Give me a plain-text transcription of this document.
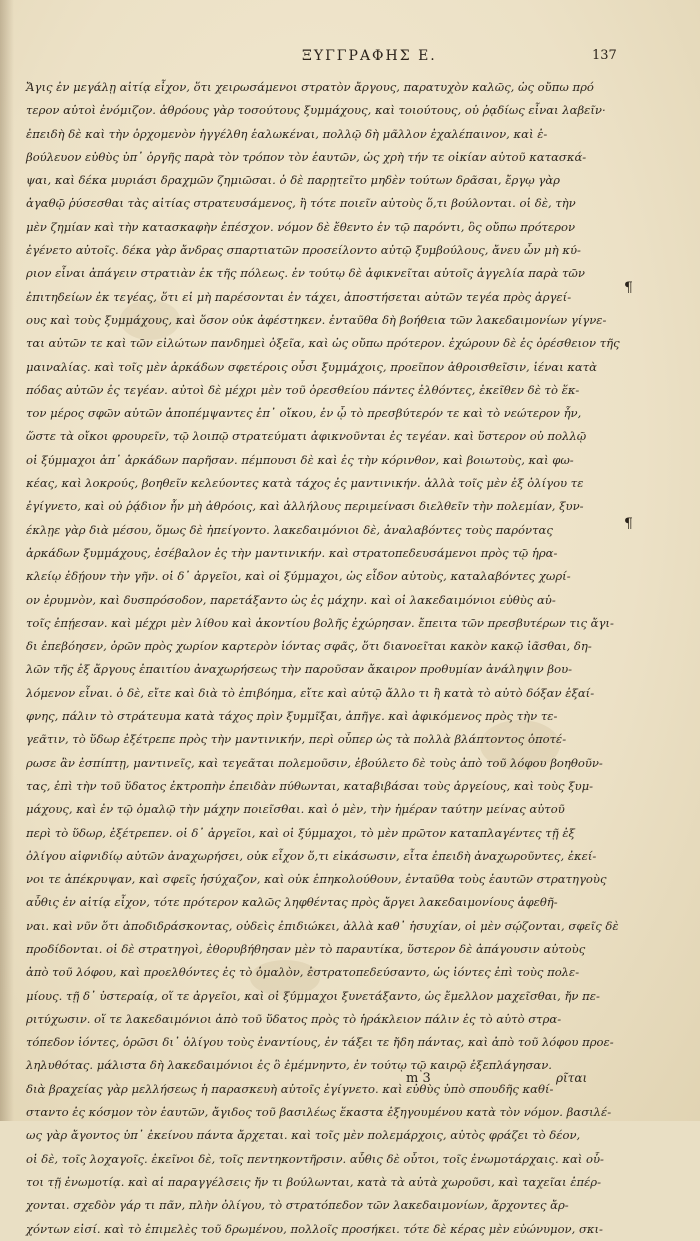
ΞΥΓΓΡΑΦΗΣ Ε.	137
Ἄγις ἐν μεγάλῃ αἰτίᾳ εἶχον, ὅτι χειρωσάμενοι στρατὸν ἄργους, παρατυχὸν καλῶς, ὡς οὔπω πρό
τερον αὐτοὶ ἐνόμιζον. ἀθρόους γὰρ τοσούτους ξυμμάχους, καὶ τοιούτους, οὐ ῥᾳδίως εἶναι λαβεῖν·
ἐπειδὴ δὲ καὶ τὴν ὀρχομενὸν ἠγγέλθη ἑαλωκέναι, πολλῷ δὴ μᾶλλον ἐχαλέπαινον, καὶ ἐ-
βούλευον εὐθὺς ὑπ᾽ ὀργῆς παρὰ τὸν τρόπον τὸν ἑαυτῶν, ὡς χρὴ τήν τε οἰκίαν αὐτοῦ κατασκά-
ψαι, καὶ δέκα μυριάσι δραχμῶν ζημιῶσαι. ὁ δὲ παρῃτεῖτο μηδὲν τούτων δρᾶσαι, ἔργῳ γὰρ
ἀγαθῷ ῥύσεσθαι τὰς αἰτίας στρατευσάμενος, ἢ τότε ποιεῖν αὐτοὺς ὅ,τι βούλονται. οἱ δὲ, τὴν
μὲν ζημίαν καὶ τὴν κατασκαφὴν ἐπέσχον. νόμον δὲ ἔθεντο ἐν τῷ παρόντι, ὃς οὔπω πρότερον
ἐγένετο αὐτοῖς. δέκα γὰρ ἄνδρας σπαρτιατῶν προσείλοντο αὐτῷ ξυμβούλους, ἄνευ ὧν μὴ κύ-
ριον εἶναι ἀπάγειν στρατιὰν ἐκ τῆς πόλεως. ἐν τούτῳ δὲ ἀφικνεῖται αὐτοῖς ἀγγελία παρὰ τῶν
ἐπιτηδείων ἐκ τεγέας, ὅτι εἰ μὴ παρέσονται ἐν τάχει, ἀποστήσεται αὐτῶν τεγέα πρὸς ἀργεί-
ους καὶ τοὺς ξυμμάχους, καὶ ὅσον οὐκ ἀφέστηκεν. ἐνταῦθα δὴ βοήθεια τῶν λακεδαιμονίων γίγνε-
ται αὐτῶν τε καὶ τῶν εἱλώτων πανδημεὶ ὀξεῖα, καὶ ὡς οὔπω πρότερον. ἐχώρουν δὲ ἐς ὀρέσθειον τῆς
μαιναλίας. καὶ τοῖς μὲν ἀρκάδων σφετέροις οὖσι ξυμμάχοις, προεῖπον ἀθροισθεῖσιν, ἰέναι κατὰ
πόδας αὐτῶν ἐς τεγέαν. αὐτοὶ δὲ μέχρι μὲν τοῦ ὀρεσθείου πάντες ἐλθόντες, ἐκεῖθεν δὲ τὸ ἕκ-
τον μέρος σφῶν αὐτῶν ἀποπέμψαντες ἐπ᾽ οἴκου, ἐν ᾧ τὸ πρεσβύτερόν τε καὶ τὸ νεώτερον ἦν,
ὥστε τὰ οἴκοι φρουρεῖν, τῷ λοιπῷ στρατεύματι ἀφικνοῦνται ἐς τεγέαν. καὶ ὕστερον οὐ πολλῷ
οἱ ξύμμαχοι ἀπ᾽ ἀρκάδων παρῆσαν. πέμπουσι δὲ καὶ ἐς τὴν κόρινθον, καὶ βοιωτοὺς, καὶ φω-
κέας, καὶ λοκρούς, βοηθεῖν κελεύοντες κατὰ τάχος ἐς μαντινικήν. ἀλλὰ τοῖς μὲν ἐξ ὀλίγου τε
ἐγίγνετο, καὶ οὐ ῥᾴδιον ἦν μὴ ἀθρόοις, καὶ ἀλλήλους περιμείνασι διελθεῖν τὴν πολεμίαν, ξυν-
έκλῃε γὰρ διὰ μέσου, ὅμως δὲ ἠπείγοντο. λακεδαιμόνιοι δὲ, ἀναλαβόντες τοὺς παρόντας
ἀρκάδων ξυμμάχους, ἐσέβαλον ἐς τὴν μαντινικήν. καὶ στρατοπεδευσάμενοι πρὸς τῷ ἡρα-
κλείῳ ἐδῄουν τὴν γῆν. οἱ δ᾽ ἀργεῖοι, καὶ οἱ ξύμμαχοι, ὡς εἶδον αὐτοὺς, καταλαβόντες χωρί-
ον ἐρυμνὸν, καὶ δυσπρόσοδον, παρετάξαντο ὡς ἐς μάχην. καὶ οἱ λακεδαιμόνιοι εὐθὺς αὐ-
τοῖς ἐπῄεσαν. καὶ μέχρι μὲν λίθου καὶ ἀκοντίου βολῆς ἐχώρησαν. ἔπειτα τῶν πρεσβυτέρων τις ἄγι-
δι ἐπεβόησεν, ὁρῶν πρὸς χωρίον καρτερὸν ἰόντας σφᾶς, ὅτι διανοεῖται κακὸν κακῷ ἰᾶσθαι, δη-
λῶν τῆς ἐξ ἄργους ἐπαιτίου ἀναχωρήσεως τὴν παροῦσαν ἄκαιρον προθυμίαν ἀνάληψιν βου-
λόμενον εἶναι. ὁ δὲ, εἴτε καὶ διὰ τὸ ἐπιβόημα, εἴτε καὶ αὐτῷ ἄλλο τι ἢ κατὰ τὸ αὐτὸ δόξαν ἐξαί-
φνης, πάλιν τὸ στράτευμα κατὰ τάχος πρὶν ξυμμῖξαι, ἀπῆγε. καὶ ἀφικόμενος πρὸς τὴν τε-
γεᾶτιν, τὸ ὕδωρ ἐξέτρεπε πρὸς τὴν μαντινικήν, περὶ οὗπερ ὡς τὰ πολλὰ βλάπτοντος ὁποτέ-
ρωσε ἂν ἐσπίπτῃ, μαντινεῖς, καὶ τεγεᾶται πολεμοῦσιν, ἐβούλετο δὲ τοὺς ἀπὸ τοῦ λόφου βοηθοῦν-
τας, ἐπὶ τὴν τοῦ ὕδατος ἐκτροπὴν ἐπειδὰν πύθωνται, καταβιβάσαι τοὺς ἀργείους, καὶ τοὺς ξυμ-
μάχους, καὶ ἐν τῷ ὁμαλῷ τὴν μάχην ποιεῖσθαι. καὶ ὁ μὲν, τὴν ἡμέραν ταύτην μείνας αὐτοῦ
περὶ τὸ ὕδωρ, ἐξέτρεπεν. οἱ δ᾽ ἀργεῖοι, καὶ οἱ ξύμμαχοι, τὸ μὲν πρῶτον καταπλαγέντες τῇ ἐξ
ὀλίγου αἰφνιδίῳ αὐτῶν ἀναχωρήσει, οὐκ εἶχον ὅ,τι εἰκάσωσιν, εἶτα ἐπειδὴ ἀναχωροῦντες, ἐκεί-
νοι τε ἀπέκρυψαν, καὶ σφεῖς ἡσύχαζον, καὶ οὐκ ἐπηκολούθουν, ἐνταῦθα τοὺς ἑαυτῶν στρατηγοὺς
αὖθις ἐν αἰτίᾳ εἶχον, τότε πρότερον καλῶς ληφθέντας πρὸς ἄργει λακεδαιμονίους ἀφεθῆ-
ναι. καὶ νῦν ὅτι ἀποδιδράσκοντας, οὐδεὶς ἐπιδιώκει, ἀλλὰ καθ᾽ ἡσυχίαν, οἱ μὲν σῴζονται, σφεῖς δὲ
προδίδονται. οἱ δὲ στρατηγοὶ, ἐθορυβήθησαν μὲν τὸ παραυτίκα, ὕστερον δὲ ἀπάγουσιν αὐτοὺς
ἀπὸ τοῦ λόφου, καὶ προελθόντες ἐς τὸ ὁμαλὸν, ἐστρατοπεδεύσαντο, ὡς ἰόντες ἐπὶ τοὺς πολε-
μίους. τῇ δ᾽ ὑστεραίᾳ, οἵ τε ἀργεῖοι, καὶ οἱ ξύμμαχοι ξυνετάξαντο, ὡς ἔμελλον μαχεῖσθαι, ἤν πε-
ριτύχωσιν. οἵ τε λακεδαιμόνιοι ἀπὸ τοῦ ὕδατος πρὸς τὸ ἡράκλειον πάλιν ἐς τὸ αὐτὸ στρα-
τόπεδον ἰόντες, ὁρῶσι δι᾽ ὀλίγου τοὺς ἐναντίους, ἐν τάξει τε ἤδη πάντας, καὶ ἀπὸ τοῦ λόφου προε-
ληλυθότας. μάλιστα δὴ λακεδαιμόνιοι ἐς ὃ ἐμέμνηντο, ἐν τούτῳ τῷ καιρῷ ἐξεπλάγησαν.
διὰ βραχείας γὰρ μελλήσεως ἡ παρασκευὴ αὐτοῖς ἐγίγνετο. καὶ εὐθὺς ὑπὸ σπουδῆς καθί-
σταντο ἐς κόσμον τὸν ἑαυτῶν, ἄγιδος τοῦ βασιλέως ἕκαστα ἐξηγουμένου κατὰ τὸν νόμον. βασιλέ-
ως γὰρ ἄγοντος ὑπ᾽ ἐκείνου πάντα ἄρχεται. καὶ τοῖς μὲν πολεμάρχοις, αὐτὸς φράζει τὸ δέον,
οἱ δὲ, τοῖς λοχαγοῖς. ἐκεῖνοι δὲ, τοῖς πεντηκοντῆρσιν. αὖθις δὲ οὗτοι, τοῖς ἐνωμοτάρχαις. καὶ οὗ-
τοι τῇ ἐνωμοτίᾳ. καὶ αἱ παραγγέλσεις ἤν τι βούλωνται, κατὰ τὰ αὐτὰ χωροῦσι, καὶ ταχεῖαι ἐπέρ-
χονται. σχεδὸν γάρ τι πᾶν, πλὴν ὀλίγου, τὸ στρατόπεδον τῶν λακεδαιμονίων, ἄρχοντες ἄρ-
χόντων εἰσί. καὶ τὸ ἐπιμελὲς τοῦ δρωμένου, πολλοῖς προσήκει. τότε δὲ κέρας μὲν εὐώνυμον, σκι-
¶
¶
m 3	ρῖται
